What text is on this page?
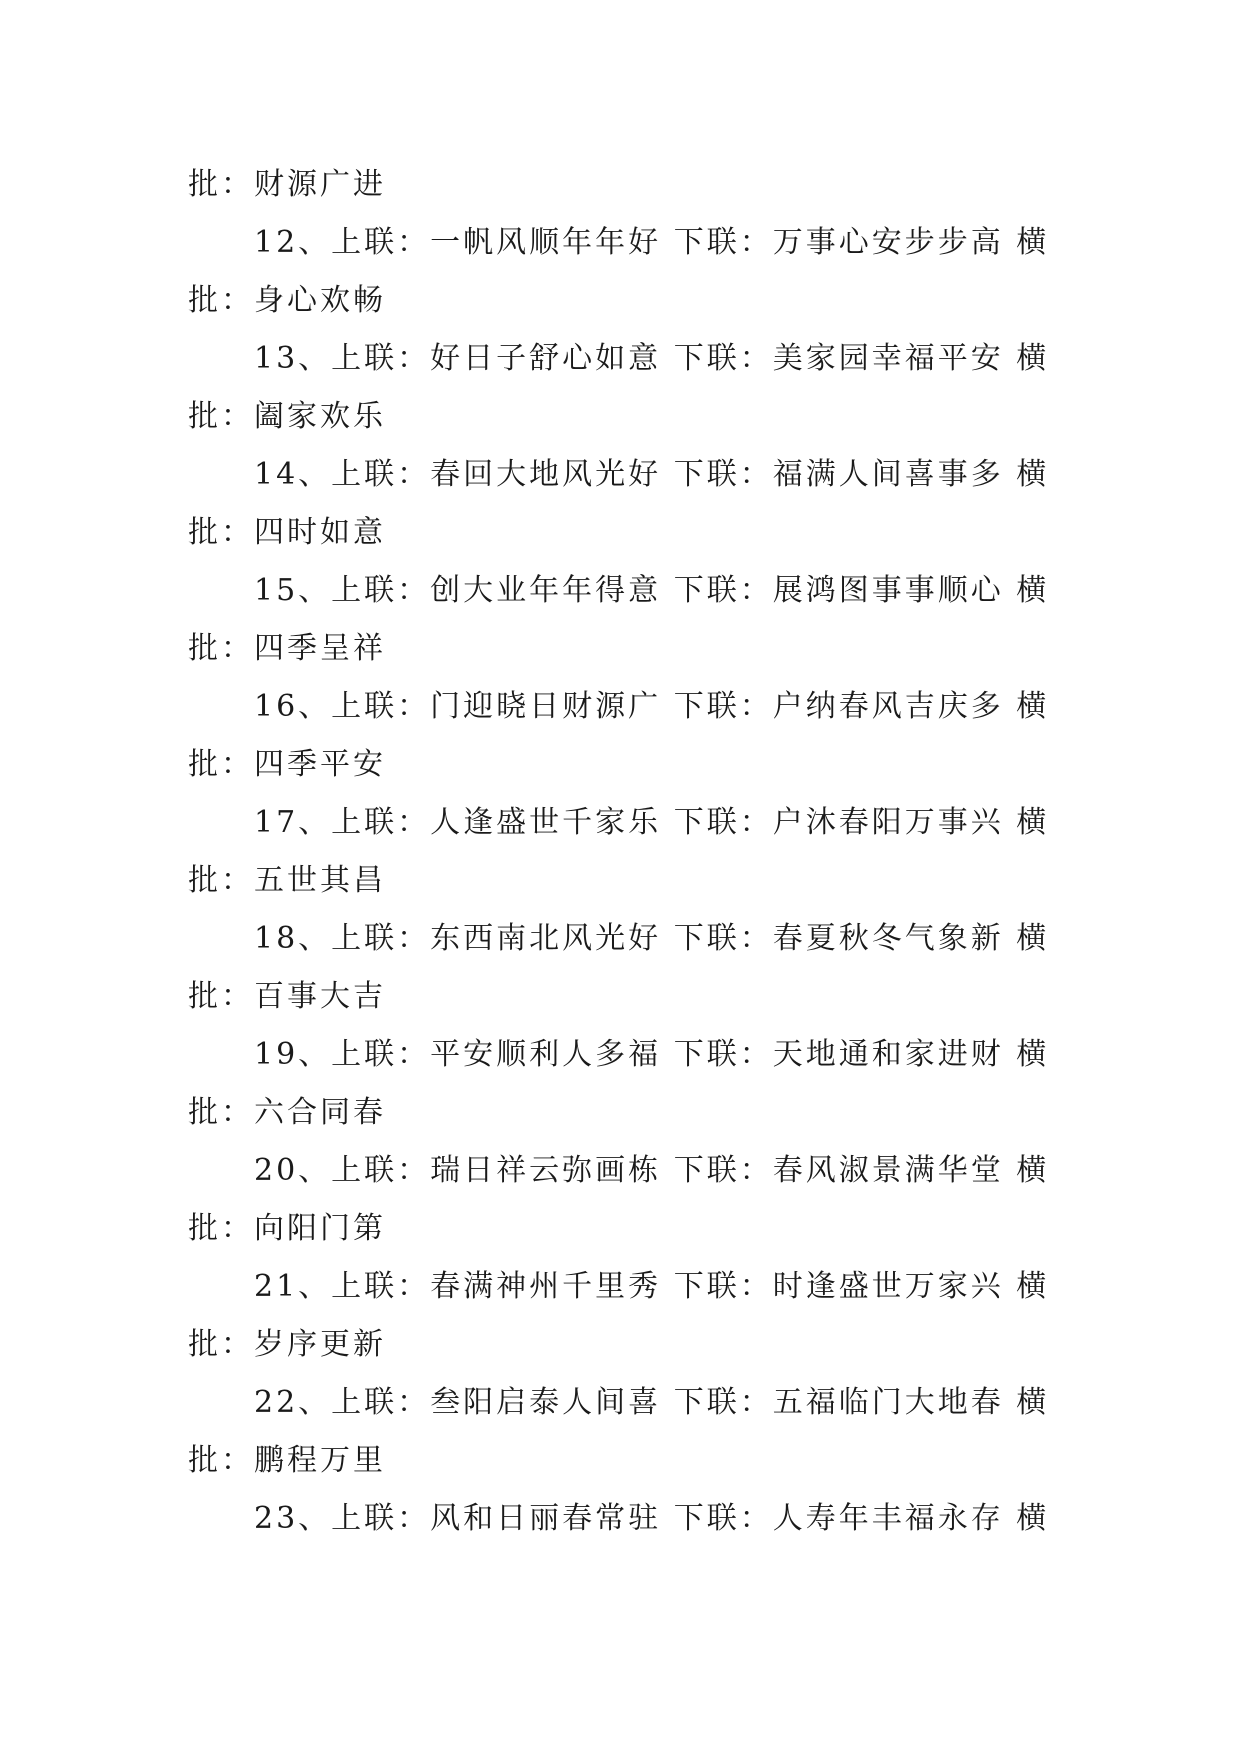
批：财源广进
12、上联：一帆风顺年年好 下联：万事心安步步高 横
批：身心欢畅
13、上联：好日子舒心如意 下联：美家园幸福平安 横
批：阖家欢乐
14、上联：春回大地风光好 下联：福满人间喜事多 横
批：四时如意
15、上联：创大业年年得意 下联：展鸿图事事顺心 横
批：四季呈祥
16、上联：门迎晓日财源广 下联：户纳春风吉庆多 横
批：四季平安
17、上联：人逢盛世千家乐 下联：户沐春阳万事兴 横
批：五世其昌
18、上联：东西南北风光好 下联：春夏秋冬气象新 横
批：百事大吉
19、上联：平安顺利人多福 下联：天地通和家进财 横
批：六合同春
20、上联：瑞日祥云弥画栋 下联：春风淑景满华堂 横
批：向阳门第
21、上联：春满神州千里秀 下联：时逢盛世万家兴 横
批：岁序更新
22、上联：叁阳启泰人间喜 下联：五福临门大地春 横
批：鹏程万里
23、上联：风和日丽春常驻 下联：人寿年丰福永存 横
